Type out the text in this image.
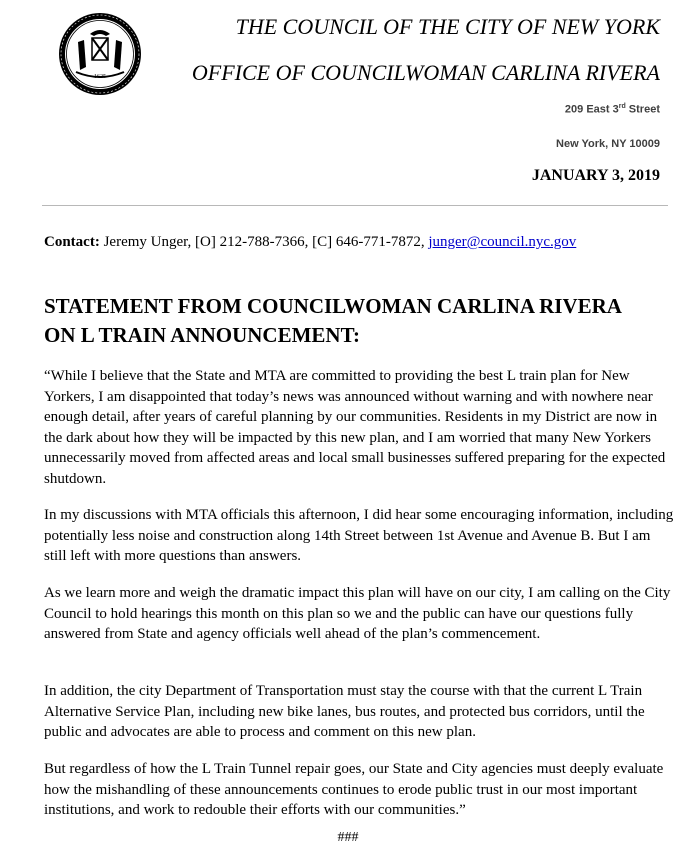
1625
THE COUNCIL OF THE CITY OF NEW YORK
OFFICE OF COUNCILWOMAN CARLINA RIVERA
209 East 3rd Street
New York, NY 10009
JANUARY 3, 2019
Contact: Jeremy Unger, [O] 212-788-7366, [C] 646-771-7872, junger@council.nyc.gov
STATEMENT FROM COUNCILWOMAN CARLINA RIVERA
ON L TRAIN ANNOUNCEMENT:

“While I believe that the State and MTA are committed to providing the best L train plan for New Yorkers, I am disappointed that today’s news was announced without warning and with nowhere near enough detail, after years of careful planning by our communities. Residents in my District are now in the dark about how they will be impacted by this new plan, and I am worried that many New Yorkers unnecessarily moved from affected areas and local small businesses suffered preparing for the expected shutdown.

In my discussions with MTA officials this afternoon, I did hear some encouraging information, including potentially less noise and construction along 14th Street between 1st Avenue and Avenue B. But I am still left with more questions than answers.

As we learn more and weigh the dramatic impact this plan will have on our city, I am calling on the City Council to hold hearings this month on this plan so we and the public can have our questions fully answered from State and agency officials well ahead of the plan’s commencement.

In addition, the city Department of Transportation must stay the course with that the current L Train Alternative Service Plan, including new bike lanes, bus routes, and protected bus corridors, until the public and advocates are able to process and comment on this new plan.

But regardless of how the L Train Tunnel repair goes, our State and City agencies must deeply evaluate how the mishandling of these announcements continues to erode public trust in our most important institutions, and work to redouble their efforts with our communities.”

###
